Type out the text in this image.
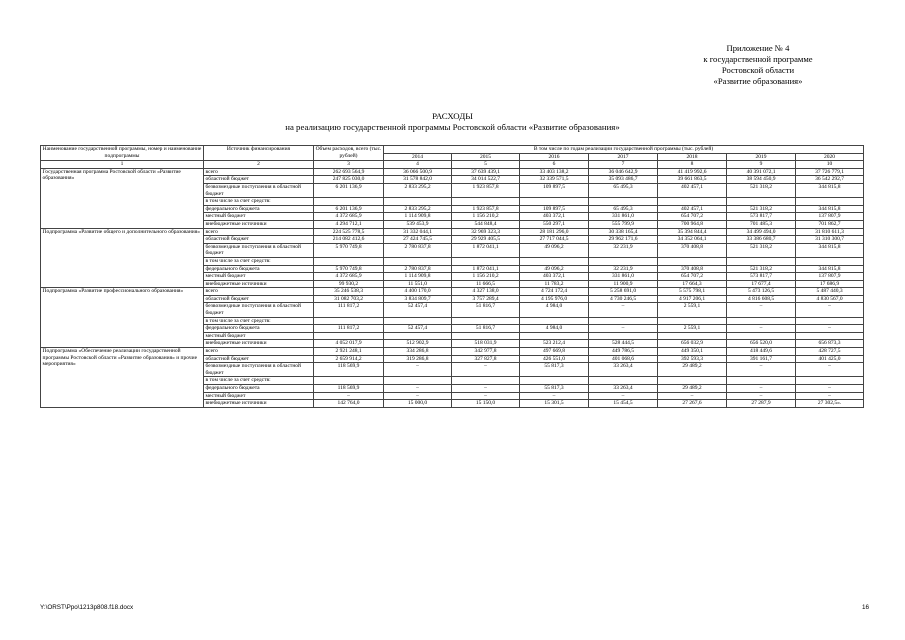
Приложение № 4
к государственной программе
Ростовской области
«Развитие образования»
РАСХОДЫ
на реализацию государственной программы Ростовской области «Развитие образования»
Наименование государственной программы, номер и наименование подпрограммы	Источник финансирования	Объем расходов, всего (тыс. рублей)	В том числе по годам реализации государственной программы (тыс. рублей)						
			2014	2015	2016	2017	2018	2019	2020
1	2	3	4	5	6	7	8	9	10
Государственная программа Ростовской области «Развитие образования»	всего	262 693 564,9	36 066 500,9	37 639 439,1	33 403 138,2	36 046 642,9	41 419 992,6	40 391 072,1	37 726 779,1
	областной бюджет	247 825 030,0	31 578 842,0	34 014 522,7	32 339 571,5	35 093 486,7	39 661 863,5	38 594 450,9	36 542 292,7
	безвозмездные поступления в областной бюджет	6 201 136,9	2 833 295,2	1 923 857,8	109 897,5	65 495,3	402 457,1	521 318,2	344 815,8
	в том числе за счет средств:								
	федерального бюджета	6 201 136,9	2 833 295,2	1 923 857,8	109 897,5	65 495,3	402 457,1	521 318,2	344 815,8
	местный бюджет	4 372 685,9	1 114 909,8	1 156 210,2	403 372,1	331 861,0	654 707,2	573 817,7	137 807,9
	внебюджетные источники	4 294 712,1	539 453,9	544 848,4	550 297,1	555 799,9	700 964,8	701 485,3	701 862,7
Подпрограмма «Развитие общего и дополнительного образования»	всего	224 525 778,5	31 332 044,1	32 969 323,3	28 181 296,0	30 338 165,4	35 394 844,4	34 499 494,0	31 810 611,3
	областной бюджет	214 082 412,6	27 424 745,5	29 929 405,5	27 717 044,5	29 962 171,6	34 352 064,1	33 386 680,7	31 310 300,7
	безвозмездные поступления в областной бюджет	5 970 749,8	2 780 837,8	1 872 041,1	49 096,2	32 231,9	370 408,8	521 318,2	344 815,8
	в том числе за счет средств:								
	федерального бюджета	5 970 749,8	2 780 837,8	1 872 041,1	49 096,2	32 231,9	370 408,8	521 318,2	344 815,8
	местный бюджет	4 372 685,9	1 114 909,8	1 156 210,2	403 372,1	331 861,0	654 707,2	573 817,7	137 807,9
	внебюджетные источники	99 930,2	11 551,0	11 666,5	11 783,2	11 900,9	17 664,3	17 677,4	17 686,9
Подпрограмма «Развитие профессионального образования»	всего	35 246 538,3	4 400 170,0	4 327 138,0	4 724 172,4	5 258 691,0	5 575 798,1	5 473 126,5	5 487 440,3
	областной бюджет	31 082 703,2	3 834 809,7	3 757 289,4	4 195 976,0	4 730 246,5	4 917 206,1	4 816 608,5	4 830 567,0
	безвозмездные поступления в областной бюджет	111 817,2	52 457,4	51 816,7	4 984,0	–	2 559,1	–	–
	в том числе за счет средств:								
	федерального бюджета	111 817,2	52 457,4	51 816,7	4 984,0	–	2 559,1	–	–
	местный бюджет								
	внебюджетные источники	4 052 017,9	512 902,9	518 031,9	523 212,4	528 444,5	656 032,9	656 520,0	656 873,3
Подпрограмма «Обеспечение реализации государственной программы Ростовской области «Развитие образования» и прочие мероприятия»	всего	2 921 248,1	334 286,8	342 977,8	497 669,8	449 786,5	449 350,1	418 449,6	428 727,5
	областной бюджет	2 659 914,2	319 286,8	327 827,8	426 551,0	401 068,6	392 593,3	391 161,7	401 425,0
	безвозмездные поступления в областной бюджет	118 569,9	–	–	55 817,3	33 263,4	29 489,2	–	–
	в том числе за счет средств:								
	федерального бюджета	118 569,9	–	–	55 817,3	33 263,4	29 489,2	–	–
	местный бюджет	–	–	–	–	–	–	–	–
	внебюджетные источники	142 764,0	15 000,0	15 150,0	15 301,5	15 454,5	27 267,6	27 287,9	27 302,5».
Y:\ORST\Ppo\1213p808.f18.docx	16
